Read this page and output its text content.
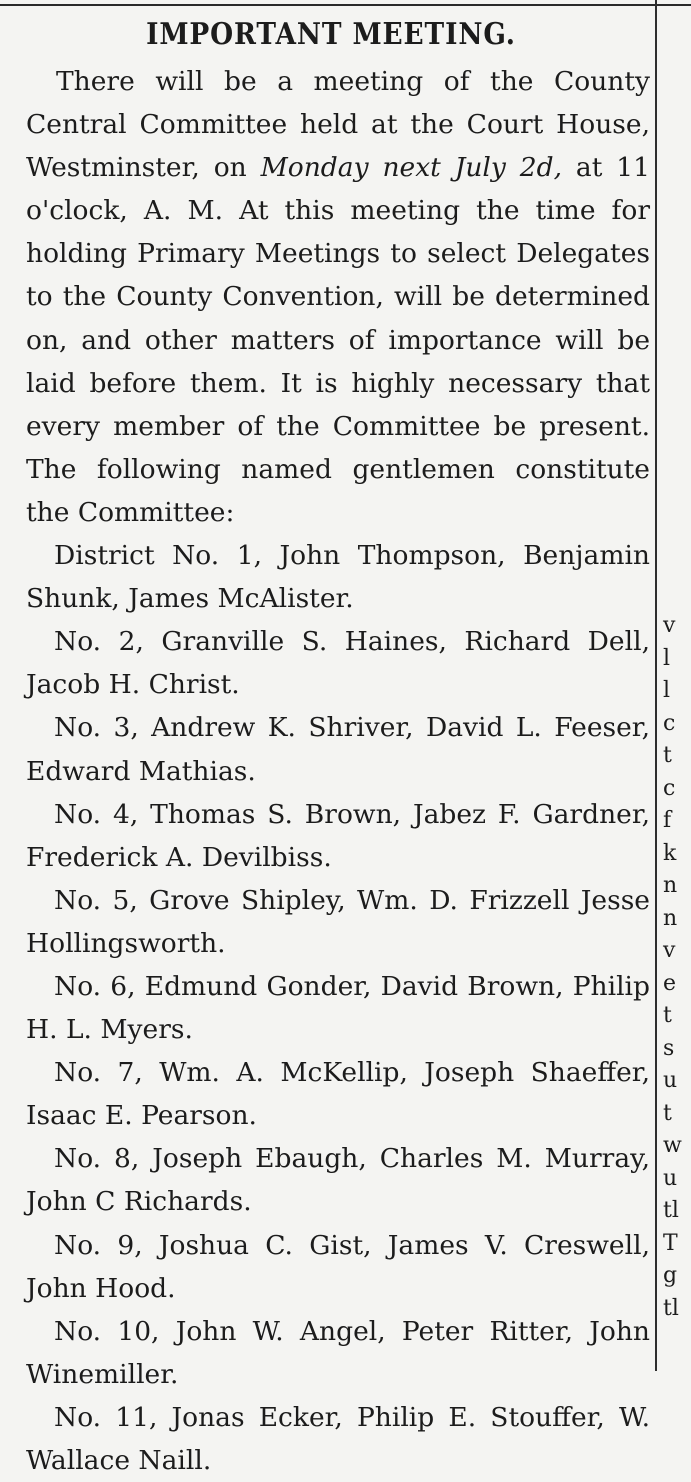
IMPORTANT MEETING.

There will be a meeting of the County Central Committee held at the Court House, Westminster, on Monday next July 2d, at 11 o'clock, A. M. At this meeting the time for holding Primary Meetings to select Delegates to the County Convention, will be determined on, and other matters of importance will be laid before them. It is highly necessary that every member of the Committee be present. The following named gentlemen constitute the Committee:

District No. 1, John Thompson, Benjamin Shunk, James McAlister.

No. 2, Granville S. Haines, Richard Dell, Jacob H. Christ.

No. 3, Andrew K. Shriver, David L. Feeser, Edward Mathias.

No. 4, Thomas S. Brown, Jabez F. Gardner, Frederick A. Devilbiss.

No. 5, Grove Shipley, Wm. D. Frizzell Jesse Hollingsworth.

No. 6, Edmund Gonder, David Brown, Philip H. L. Myers.

No. 7, Wm. A. McKellip, Joseph Shaeffer, Isaac E. Pearson.

No. 8, Joseph Ebaugh, Charles M. Murray, John C Richards.

No. 9, Joshua C. Gist, James V. Creswell, John Hood.

No. 10, John W. Angel, Peter Ritter, John Winemiller.

No. 11, Jonas Ecker, Philip E. Stouffer, W. Wallace Naill.

v
l
l
c
t
c
f
k
n
n
v
e
t
s
u
t
w
u
tl
T
g
tl
